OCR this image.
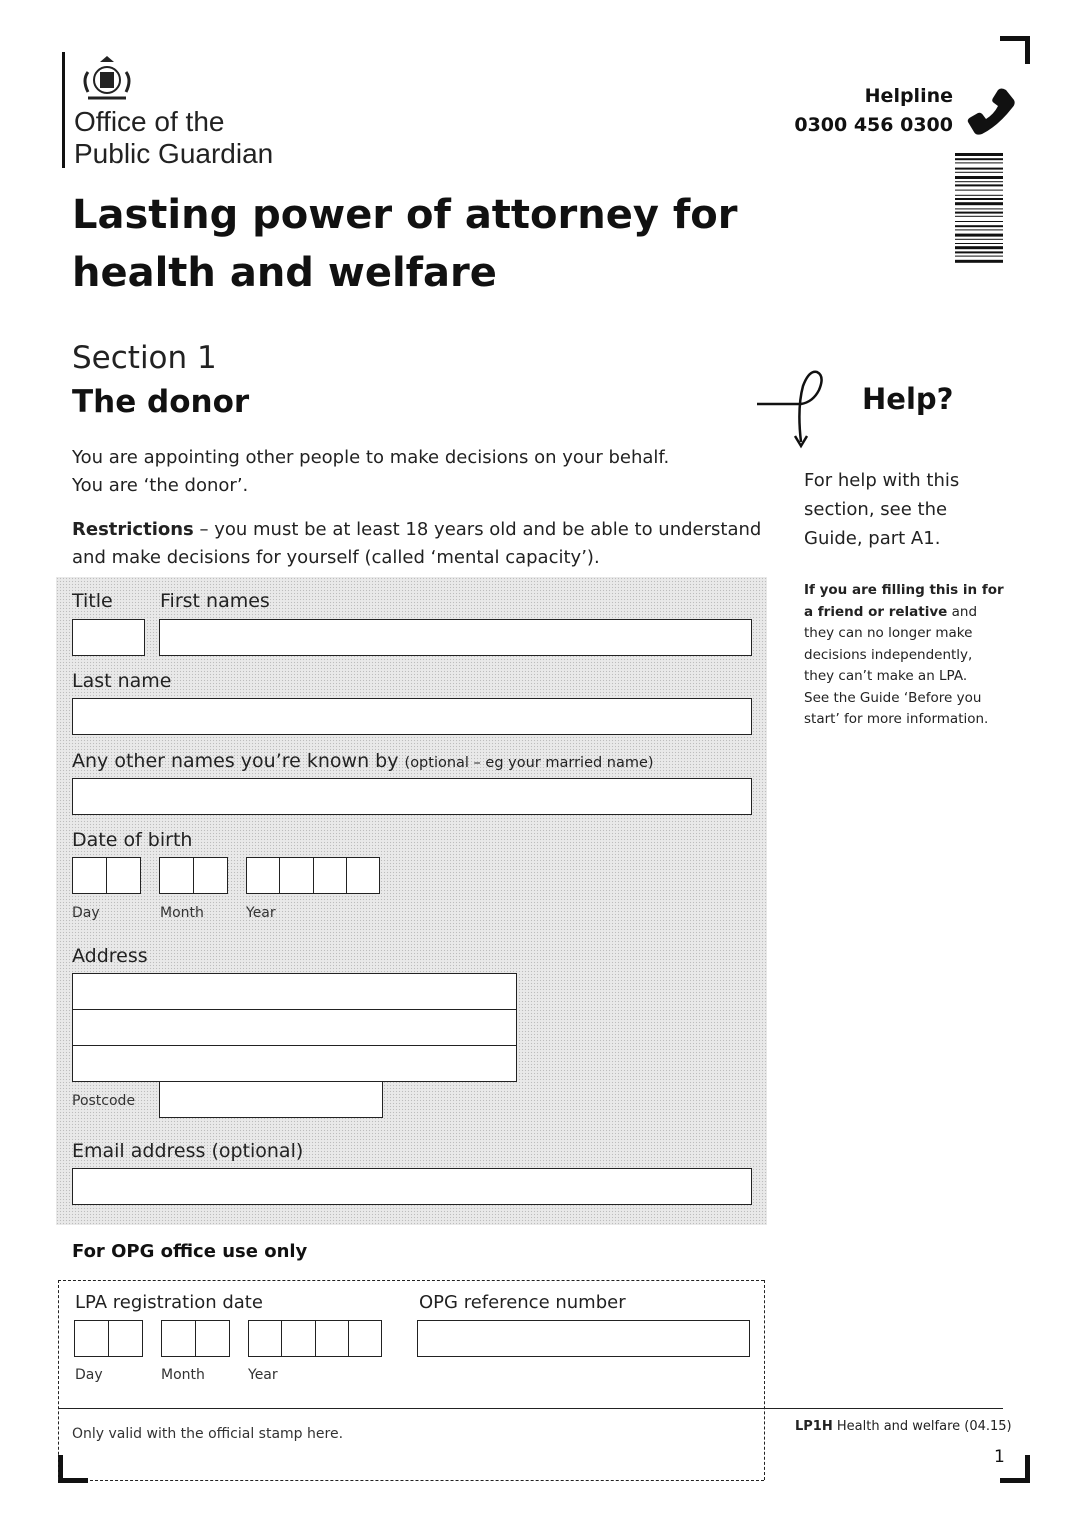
Office of the
Public Guardian
Helpline
0300 456 0300
Lasting power of attorney for
health and welfare
Section 1
The donor
You are appointing other people to make decisions on your behalf.
You are ‘the donor’.
Restrictions – you must be at least 18 years old and be able to understand
and make decisions for yourself (called ‘mental capacity’).
Help?
For help with this
section, see the
Guide, part A1.
If you are filling this in for
a friend or relative and
they can no longer make
decisions independently,
they can’t make an LPA.
See the Guide ‘Before you
start’ for more information.
Title First names
Last name
Any other names you’re known by (optional – eg your married name)
Date of birth
Day	Month	Year
Address
Postcode
Email address (optional)
For OPG office use only
LPA registration date	OPG reference number
Day	Month	Year
Only valid with the official stamp here.	LP1H Health and welfare (04.15)
1
